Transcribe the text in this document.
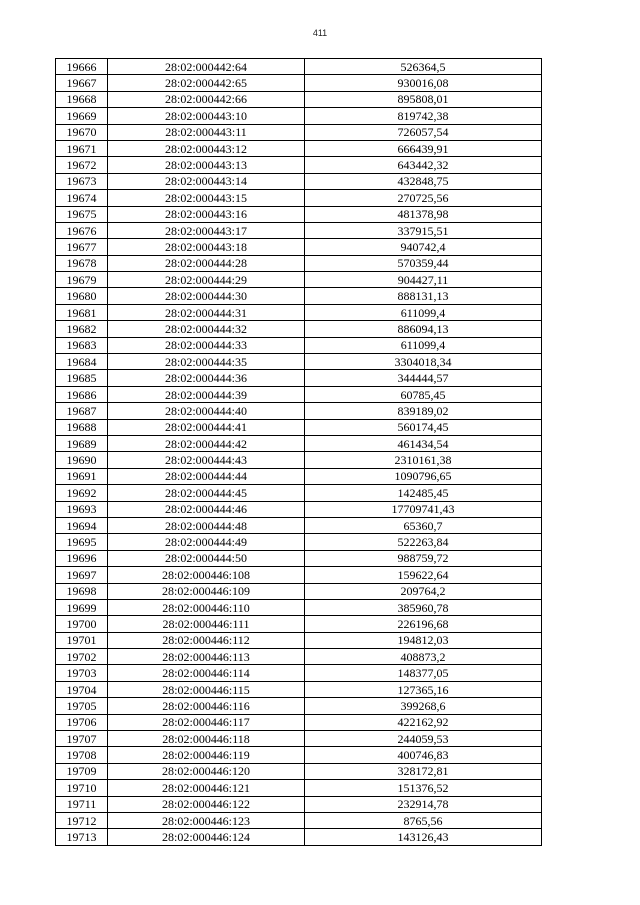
411
19666	28:02:000442:64	526364,5
19667	28:02:000442:65	930016,08
19668	28:02:000442:66	895808,01
19669	28:02:000443:10	819742,38
19670	28:02:000443:11	726057,54
19671	28:02:000443:12	666439,91
19672	28:02:000443:13	643442,32
19673	28:02:000443:14	432848,75
19674	28:02:000443:15	270725,56
19675	28:02:000443:16	481378,98
19676	28:02:000443:17	337915,51
19677	28:02:000443:18	940742,4
19678	28:02:000444:28	570359,44
19679	28:02:000444:29	904427,11
19680	28:02:000444:30	888131,13
19681	28:02:000444:31	611099,4
19682	28:02:000444:32	886094,13
19683	28:02:000444:33	611099,4
19684	28:02:000444:35	3304018,34
19685	28:02:000444:36	344444,57
19686	28:02:000444:39	60785,45
19687	28:02:000444:40	839189,02
19688	28:02:000444:41	560174,45
19689	28:02:000444:42	461434,54
19690	28:02:000444:43	2310161,38
19691	28:02:000444:44	1090796,65
19692	28:02:000444:45	142485,45
19693	28:02:000444:46	17709741,43
19694	28:02:000444:48	65360,7
19695	28:02:000444:49	522263,84
19696	28:02:000444:50	988759,72
19697	28:02:000446:108	159622,64
19698	28:02:000446:109	209764,2
19699	28:02:000446:110	385960,78
19700	28:02:000446:111	226196,68
19701	28:02:000446:112	194812,03
19702	28:02:000446:113	408873,2
19703	28:02:000446:114	148377,05
19704	28:02:000446:115	127365,16
19705	28:02:000446:116	399268,6
19706	28:02:000446:117	422162,92
19707	28:02:000446:118	244059,53
19708	28:02:000446:119	400746,83
19709	28:02:000446:120	328172,81
19710	28:02:000446:121	151376,52
19711	28:02:000446:122	232914,78
19712	28:02:000446:123	8765,56
19713	28:02:000446:124	143126,43
